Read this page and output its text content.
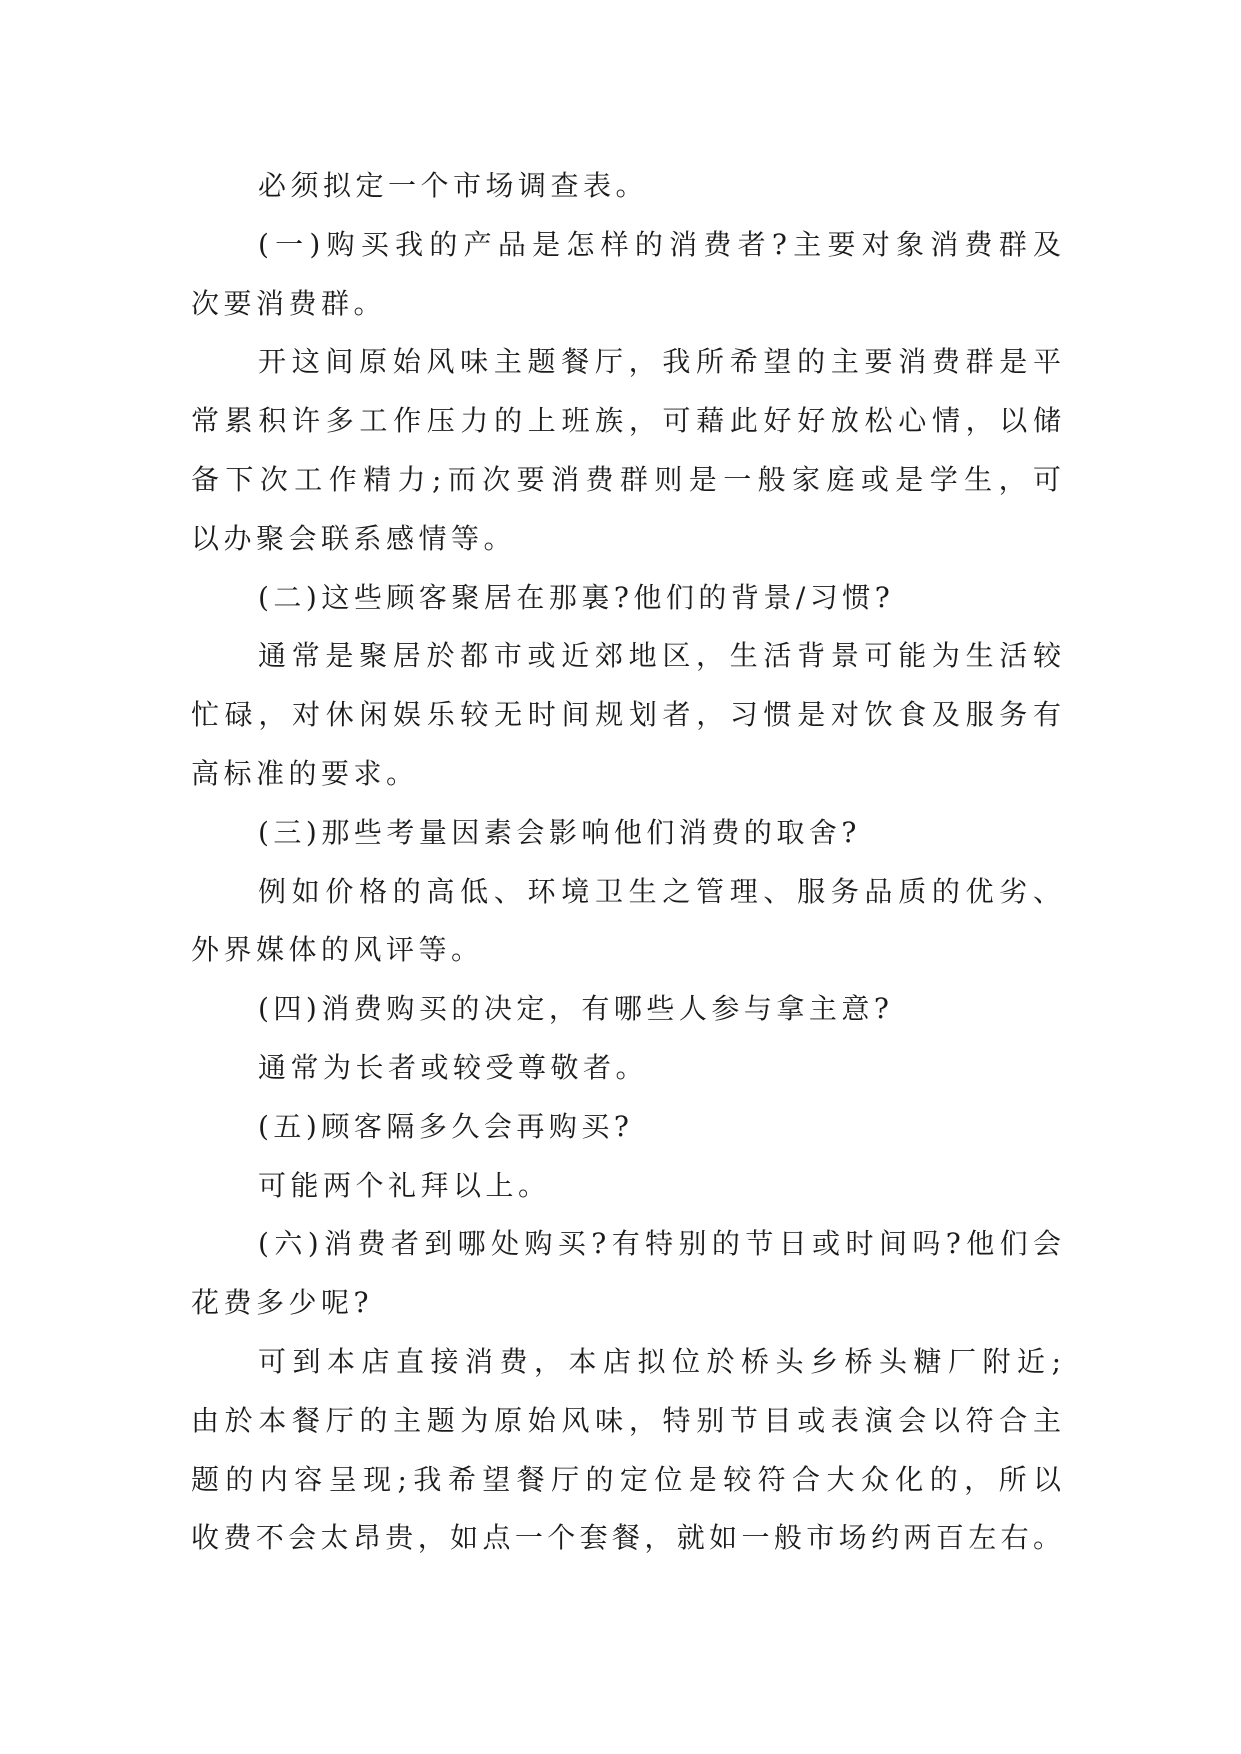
必须拟定一个市场调查表。
(一)购买我的产品是怎样的消费者?主要对象消费群及
次要消费群。
开这间原始风味主题餐厅，我所希望的主要消费群是平
常累积许多工作压力的上班族，可藉此好好放松心情，以储
备下次工作精力;而次要消费群则是一般家庭或是学生，可
以办聚会联系感情等。
(二)这些顾客聚居在那裏?他们的背景/习惯?
通常是聚居於都市或近郊地区，生活背景可能为生活较
忙碌，对休闲娱乐较无时间规划者，习惯是对饮食及服务有
高标准的要求。
(三)那些考量因素会影响他们消费的取舍?
例如价格的高低、环境卫生之管理、服务品质的优劣、
外界媒体的风评等。
(四)消费购买的决定，有哪些人参与拿主意?
通常为长者或较受尊敬者。
(五)顾客隔多久会再购买?
可能两个礼拜以上。
(六)消费者到哪处购买?有特别的节日或时间吗?他们会
花费多少呢?
可到本店直接消费，本店拟位於桥头乡桥头糖厂附近;
由於本餐厅的主题为原始风味，特别节目或表演会以符合主
题的内容呈现;我希望餐厅的定位是较符合大众化的，所以
收费不会太昂贵，如点一个套餐，就如一般市场约两百左右。
